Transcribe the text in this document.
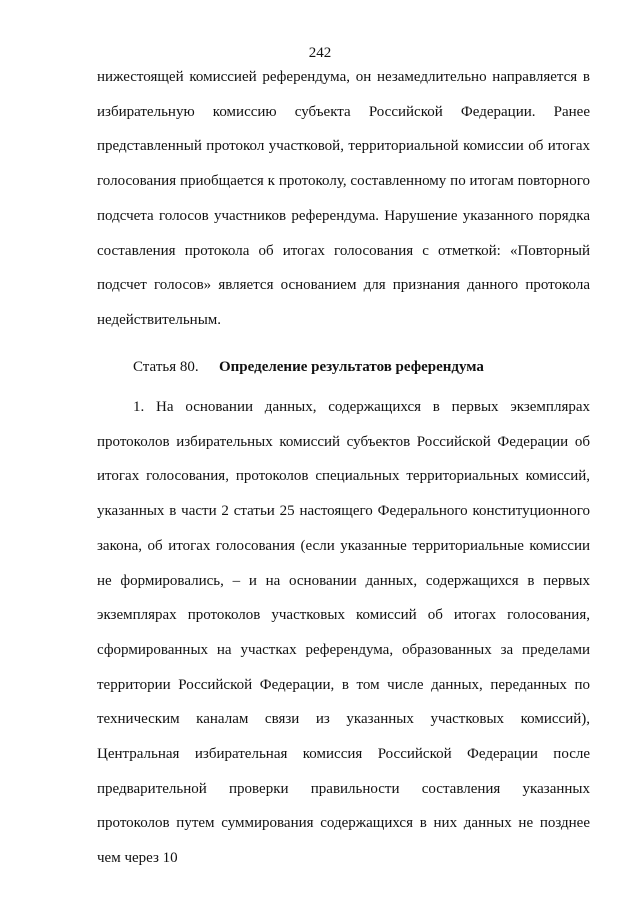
242

нижестоящей комиссией референдума, он незамедлительно направляется в избирательную комиссию субъекта Российской Федерации. Ранее представленный протокол участковой, территориальной комиссии об итогах голосования приобщается к протоколу, составленному по итогам повторного подсчета голосов участников референдума. Нарушение указанного порядка составления протокола об итогах голосования с отметкой: «Повторный подсчет голосов» является основанием для признания данного протокола недействительным.

Статья 80. Определение результатов референдума

1. На основании данных, содержащихся в первых экземплярах протоколов избирательных комиссий субъектов Российской Федерации об итогах голосования, протоколов специальных территориальных комиссий, указанных в части 2 статьи 25 настоящего Федерального конституционного закона, об итогах голосования (если указанные территориальные комиссии не формировались, – и на основании данных, содержащихся в первых экземплярах протоколов участковых комиссий об итогах голосования, сформированных на участках референдума, образованных за пределами территории Российской Федерации, в том числе данных, переданных по техническим каналам связи из указанных участковых комиссий), Центральная избирательная комиссия Российской Федерации после предварительной проверки правильности составления указанных протоколов путем суммирования содержащихся в них данных не позднее чем через 10
